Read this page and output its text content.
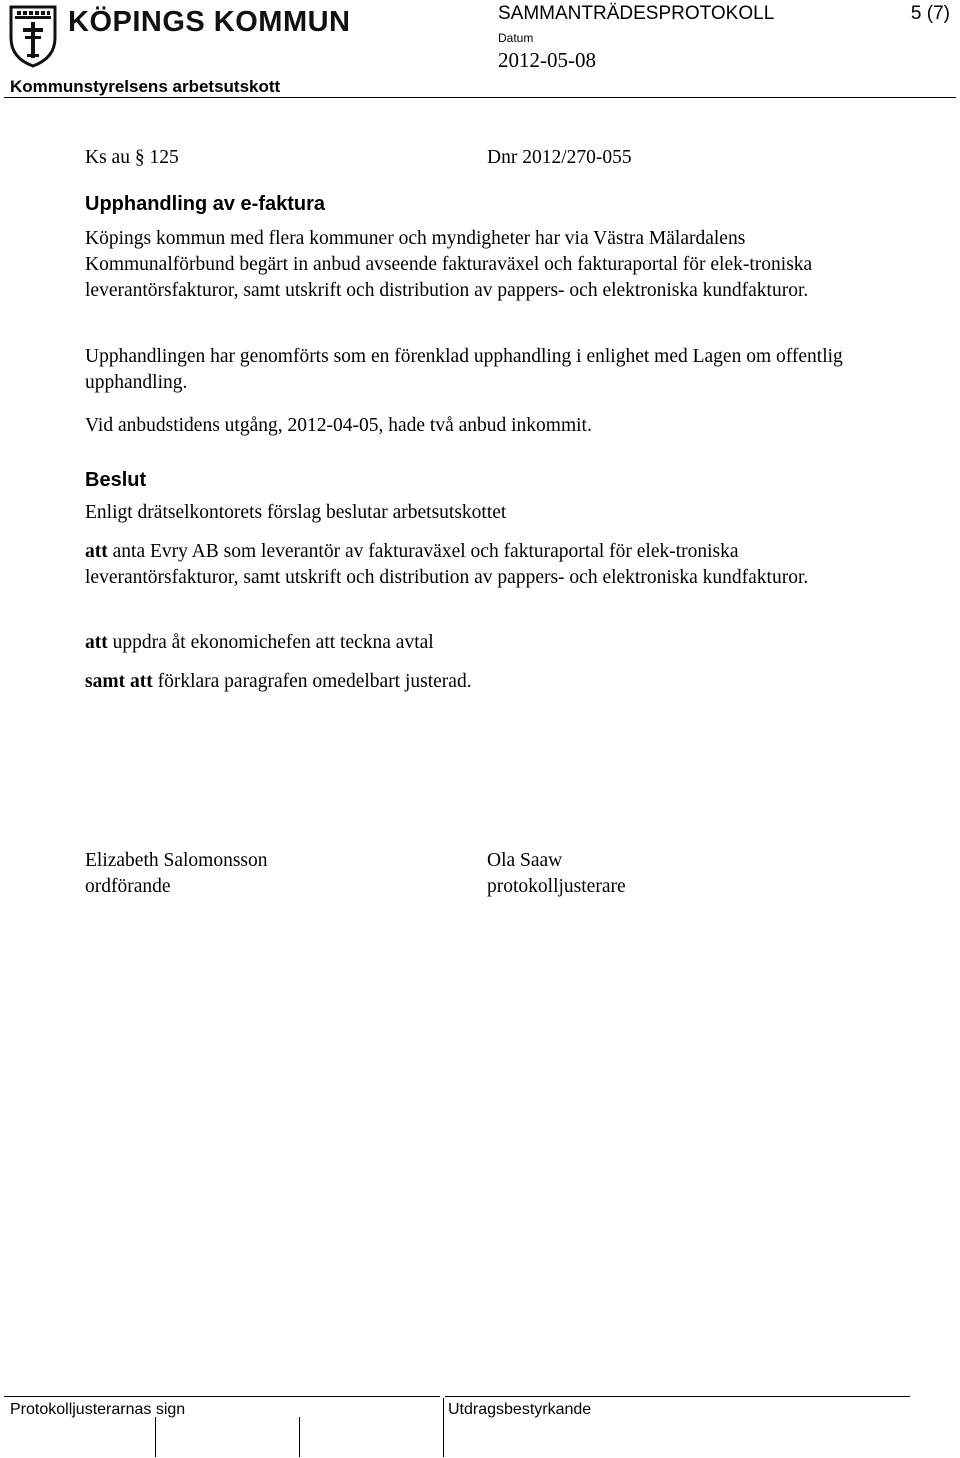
KÖPINGS KOMMUN
Kommunstyrelsens arbetsutskott
SAMMANTRÄDESPROTOKOLL	5 (7)
Datum
2012-05-08
Ks au § 125	Dnr 2012/270-055
Upphandling av e-faktura

Köpings kommun med flera kommuner och myndigheter har via Västra Mälardalens Kommunalförbund begärt in anbud avseende fakturaväxel och fakturaportal för elek-troniska leverantörsfakturor, samt utskrift och distribution av pappers- och elektroniska kundfakturor.

Upphandlingen har genomförts som en förenklad upphandling i enlighet med Lagen om offentlig upphandling.

Vid anbudstidens utgång, 2012-04-05, hade två anbud inkommit.

Beslut

Enligt drätselkontorets förslag beslutar arbetsutskottet

att anta Evry AB som leverantör av fakturaväxel och fakturaportal för elek-troniska leverantörsfakturor, samt utskrift och distribution av pappers- och elektroniska kundfakturor.

att uppdra åt ekonomichefen att teckna avtal

samt att förklara paragrafen omedelbart justerad.

Elizabeth Salomonsson
ordförande
Ola Saaw
protokolljusterare
Protokolljusterarnas sign	Utdragsbestyrkande
